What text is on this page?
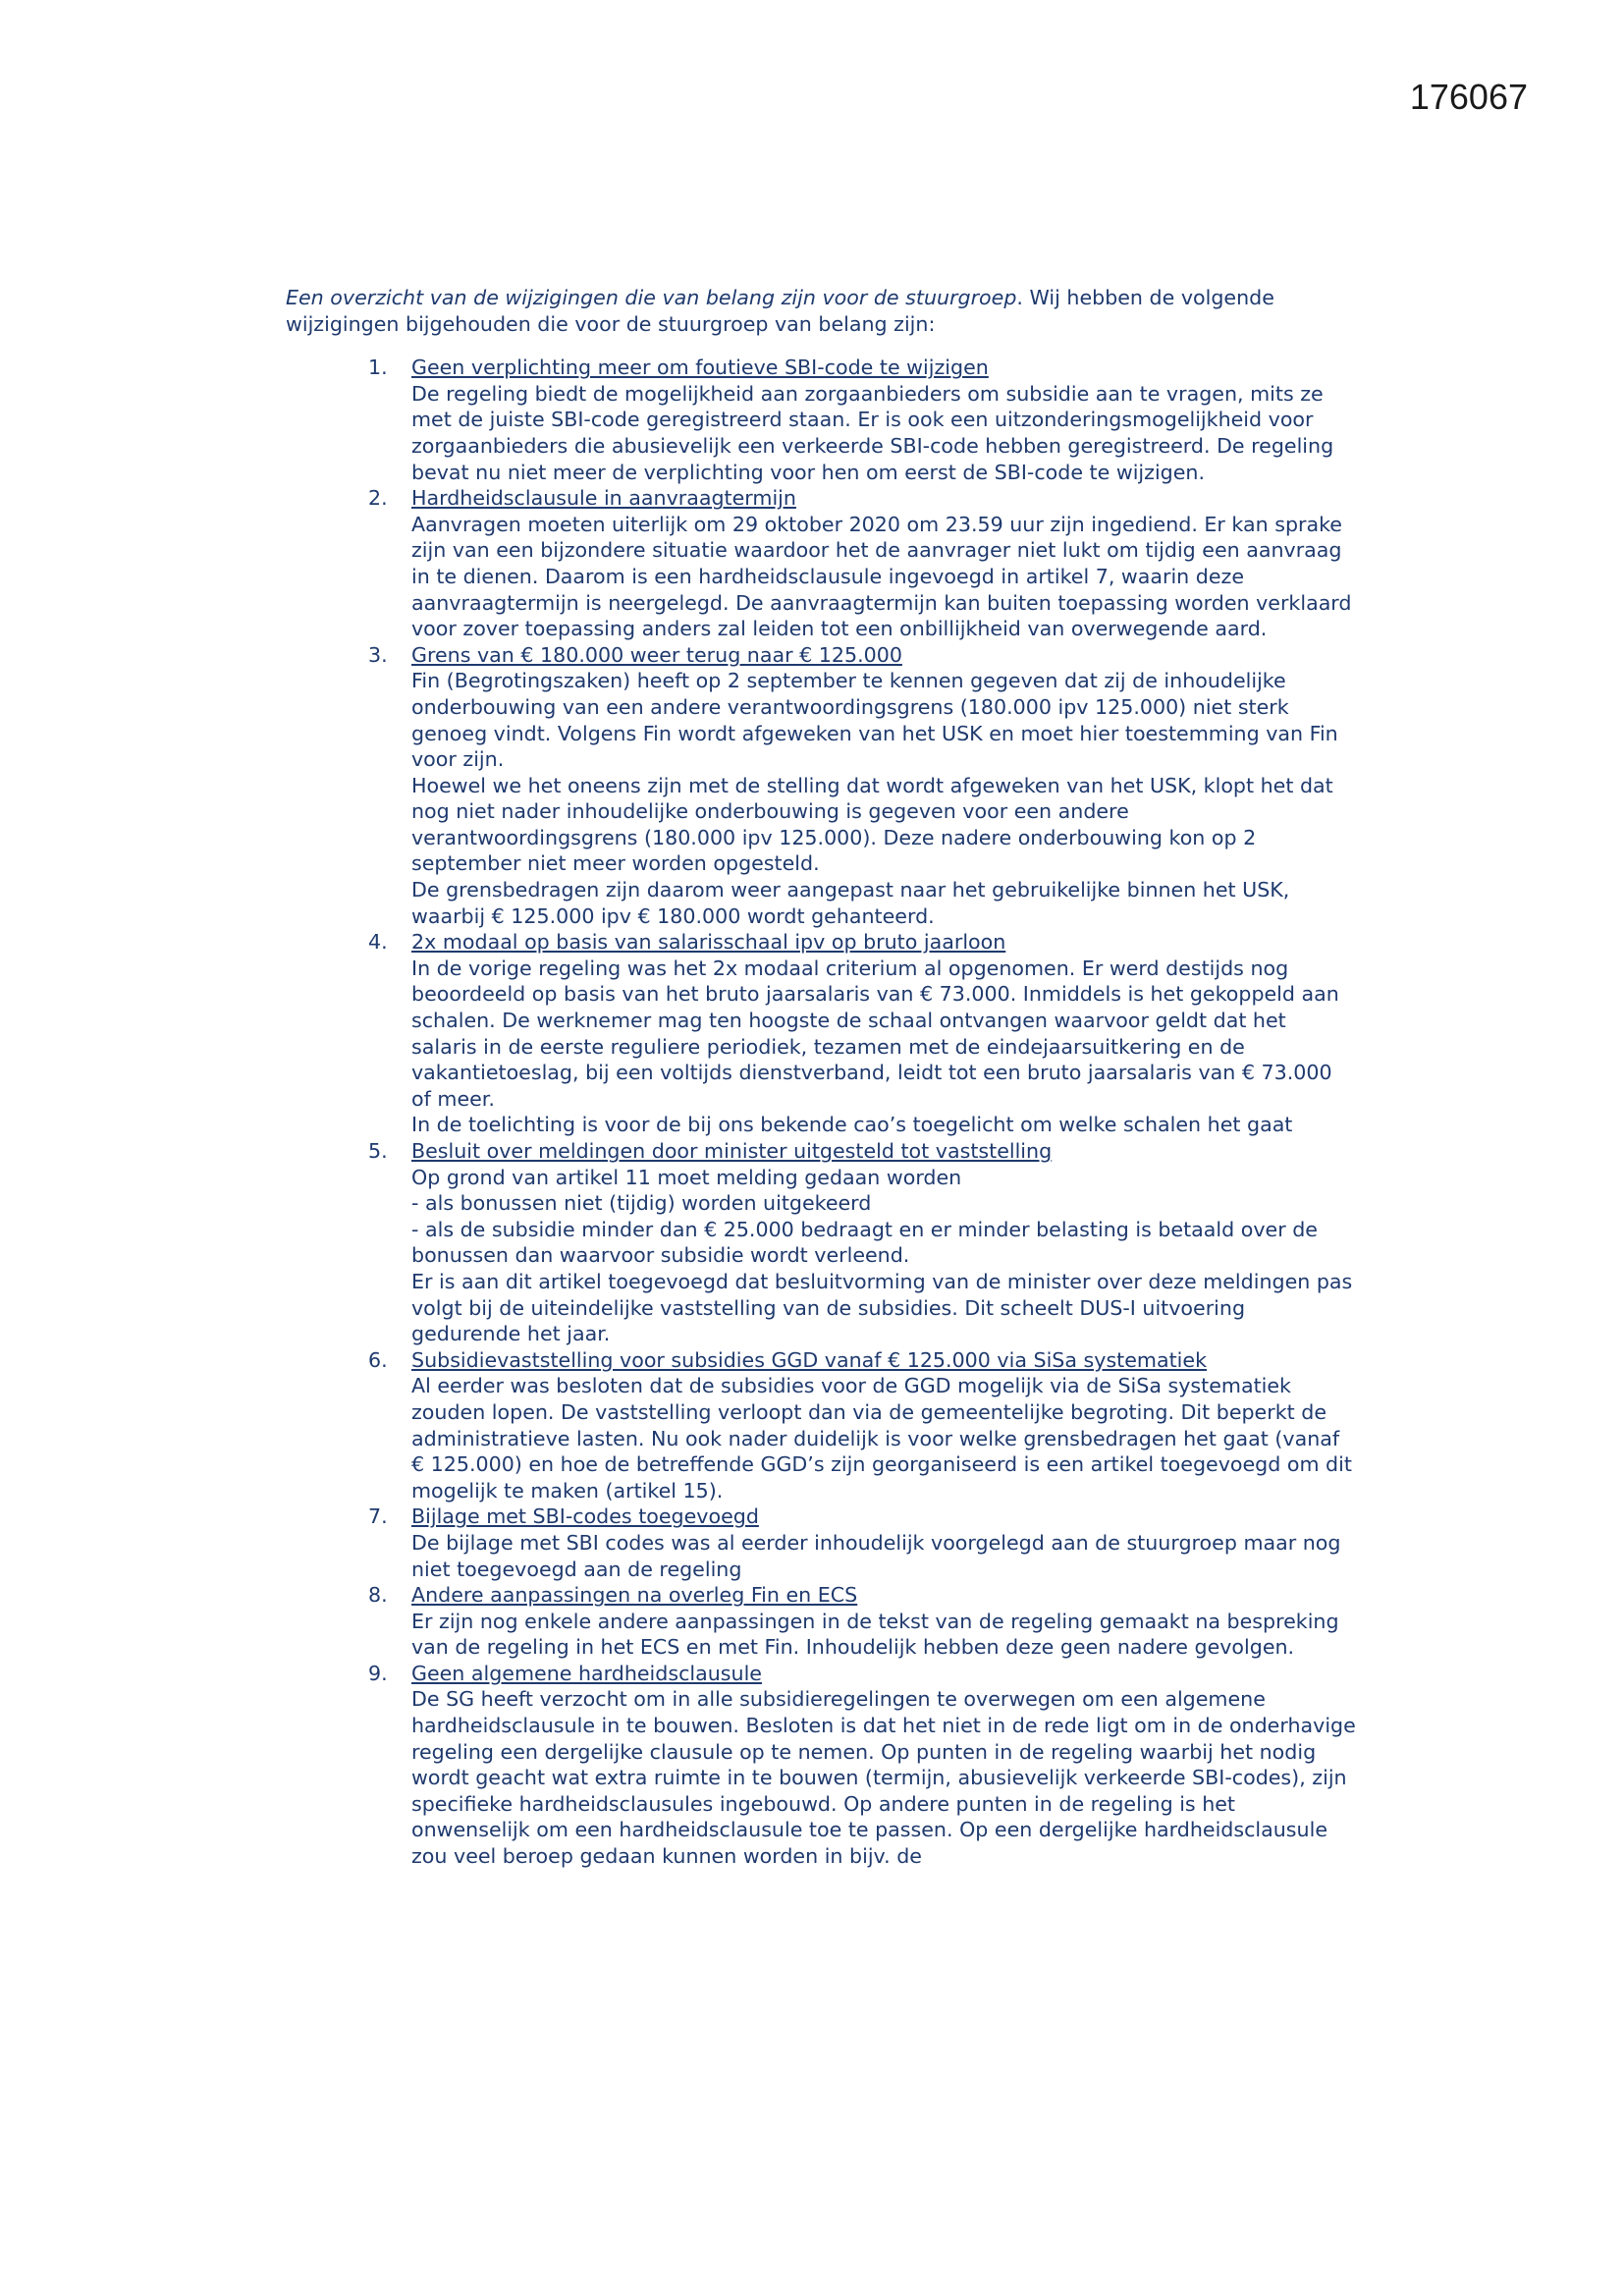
176067

Een overzicht van de wijzigingen die van belang zijn voor de stuurgroep. Wij hebben de volgende wijzigingen bijgehouden die voor de stuurgroep van belang zijn:

1. Geen verplichting meer om foutieve SBI-code te wijzigen
De regeling biedt de mogelijkheid aan zorgaanbieders om subsidie aan te vragen, mits ze met de juiste SBI-code geregistreerd staan. Er is ook een uitzonderingsmogelijkheid voor zorgaanbieders die abusievelijk een verkeerde SBI-code hebben geregistreerd. De regeling bevat nu niet meer de verplichting voor hen om eerst de SBI-code te wijzigen.
2. Hardheidsclausule in aanvraagtermijn
Aanvragen moeten uiterlijk om 29 oktober 2020 om 23.59 uur zijn ingediend. Er kan sprake zijn van een bijzondere situatie waardoor het de aanvrager niet lukt om tijdig een aanvraag in te dienen. Daarom is een hardheidsclausule ingevoegd in artikel 7, waarin deze aanvraagtermijn is neergelegd. De aanvraagtermijn kan buiten toepassing worden verklaard voor zover toepassing anders zal leiden tot een onbillijkheid van overwegende aard.
3. Grens van € 180.000 weer terug naar € 125.000
Fin (Begrotingszaken) heeft op 2 september te kennen gegeven dat zij de inhoudelijke onderbouwing van een andere verantwoordingsgrens (180.000 ipv 125.000) niet sterk genoeg vindt. Volgens Fin wordt afgeweken van het USK en moet hier toestemming van Fin voor zijn.
Hoewel we het oneens zijn met de stelling dat wordt afgeweken van het USK, klopt het dat nog niet nader inhoudelijke onderbouwing is gegeven voor een andere verantwoordingsgrens (180.000 ipv 125.000). Deze nadere onderbouwing kon op 2 september niet meer worden opgesteld.
De grensbedragen zijn daarom weer aangepast naar het gebruikelijke binnen het USK, waarbij € 125.000 ipv € 180.000 wordt gehanteerd.
4. 2x modaal op basis van salarisschaal ipv op bruto jaarloon
In de vorige regeling was het 2x modaal criterium al opgenomen. Er werd destijds nog beoordeeld op basis van het bruto jaarsalaris van € 73.000. Inmiddels is het gekoppeld aan schalen. De werknemer mag ten hoogste de schaal ontvangen waarvoor geldt dat het salaris in de eerste reguliere periodiek, tezamen met de eindejaarsuitkering en de vakantietoeslag, bij een voltijds dienstverband, leidt tot een bruto jaarsalaris van € 73.000 of meer.
In de toelichting is voor de bij ons bekende cao’s toegelicht om welke schalen het gaat
5. Besluit over meldingen door minister uitgesteld tot vaststelling
Op grond van artikel 11 moet melding gedaan worden
- als bonussen niet (tijdig) worden uitgekeerd
- als de subsidie minder dan € 25.000 bedraagt en er minder belasting is betaald over de bonussen dan waarvoor subsidie wordt verleend.
Er is aan dit artikel toegevoegd dat besluitvorming van de minister over deze meldingen pas volgt bij de uiteindelijke vaststelling van de subsidies. Dit scheelt DUS-I uitvoering gedurende het jaar.
6. Subsidievaststelling voor subsidies GGD vanaf € 125.000 via SiSa systematiek
Al eerder was besloten dat de subsidies voor de GGD mogelijk via de SiSa systematiek zouden lopen. De vaststelling verloopt dan via de gemeentelijke begroting. Dit beperkt de administratieve lasten. Nu ook nader duidelijk is voor welke grensbedragen het gaat (vanaf € 125.000) en hoe de betreffende GGD’s zijn georganiseerd is een artikel toegevoegd om dit mogelijk te maken (artikel 15).
7. Bijlage met SBI-codes toegevoegd
De bijlage met SBI codes was al eerder inhoudelijk voorgelegd aan de stuurgroep maar nog niet toegevoegd aan de regeling
8. Andere aanpassingen na overleg Fin en ECS
Er zijn nog enkele andere aanpassingen in de tekst van de regeling gemaakt na bespreking van de regeling in het ECS en met Fin. Inhoudelijk hebben deze geen nadere gevolgen.
9. Geen algemene hardheidsclausule
De SG heeft verzocht om in alle subsidieregelingen te overwegen om een algemene hardheidsclausule in te bouwen. Besloten is dat het niet in de rede ligt om in de onderhavige regeling een dergelijke clausule op te nemen. Op punten in de regeling waarbij het nodig wordt geacht wat extra ruimte in te bouwen (termijn, abusievelijk verkeerde SBI-codes), zijn specifieke hardheidsclausules ingebouwd. Op andere punten in de regeling is het onwenselijk om een hardheidsclausule toe te passen. Op een dergelijke hardheidsclausule zou veel beroep gedaan kunnen worden in bijv. de
